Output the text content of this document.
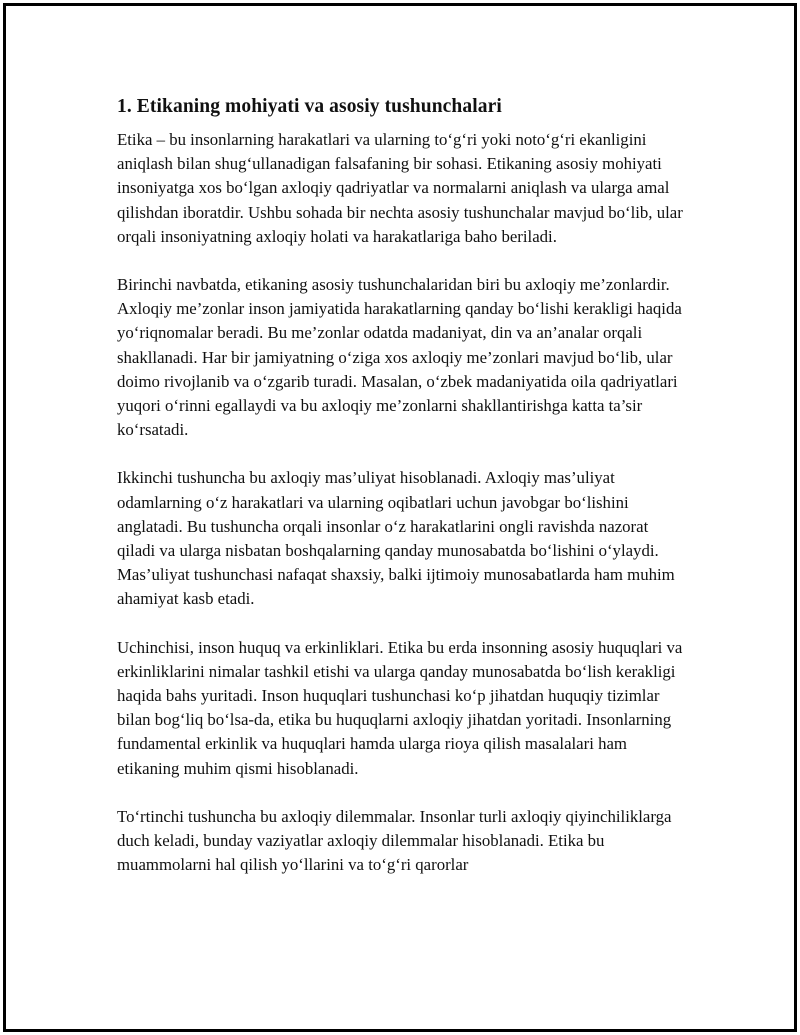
1. Etikaning mohiyati va asosiy tushunchalari

Etika – bu insonlarning harakatlari va ularning to‘g‘ri yoki noto‘g‘ri ekanligini aniqlash bilan shug‘ullanadigan falsafaning bir sohasi. Etikaning asosiy mohiyati insoniyatga xos bo‘lgan axloqiy qadriyatlar va normalarni aniqlash va ularga amal qilishdan iboratdir. Ushbu sohada bir nechta asosiy tushunchalar mavjud bo‘lib, ular orqali insoniyatning axloqiy holati va harakatlariga baho beriladi.

Birinchi navbatda, etikaning asosiy tushunchalaridan biri bu axloqiy me’zonlardir. Axloqiy me’zonlar inson jamiyatida harakatlarning qanday bo‘lishi kerakligi haqida yo‘riqnomalar beradi. Bu me’zonlar odatda madaniyat, din va an’analar orqali shakllanadi. Har bir jamiyatning o‘ziga xos axloqiy me’zonlari mavjud bo‘lib, ular doimo rivojlanib va o‘zgarib turadi. Masalan, o‘zbek madaniyatida oila qadriyatlari yuqori o‘rinni egallaydi va bu axloqiy me’zonlarni shakllantirishga katta ta’sir ko‘rsatadi.

Ikkinchi tushuncha bu axloqiy mas’uliyat hisoblanadi. Axloqiy mas’uliyat odamlarning o‘z harakatlari va ularning oqibatlari uchun javobgar bo‘lishini anglatadi. Bu tushuncha orqali insonlar o‘z harakatlarini ongli ravishda nazorat qiladi va ularga nisbatan boshqalarning qanday munosabatda bo‘lishini o‘ylaydi. Mas’uliyat tushunchasi nafaqat shaxsiy, balki ijtimoiy munosabatlarda ham muhim ahamiyat kasb etadi.

Uchinchisi, inson huquq va erkinliklari. Etika bu erda insonning asosiy huquqlari va erkinliklarini nimalar tashkil etishi va ularga qanday munosabatda bo‘lish kerakligi haqida bahs yuritadi. Inson huquqlari tushunchasi ko‘p jihatdan huquqiy tizimlar bilan bog‘liq bo‘lsa-da, etika bu huquqlarni axloqiy jihatdan yoritadi. Insonlarning fundamental erkinlik va huquqlari hamda ularga rioya qilish masalalari ham etikaning muhim qismi hisoblanadi.

To‘rtinchi tushuncha bu axloqiy dilemmalar. Insonlar turli axloqiy qiyinchiliklarga duch keladi, bunday vaziyatlar axloqiy dilemmalar hisoblanadi. Etika bu muammolarni hal qilish yo‘llarini va to‘g‘ri qarorlar
